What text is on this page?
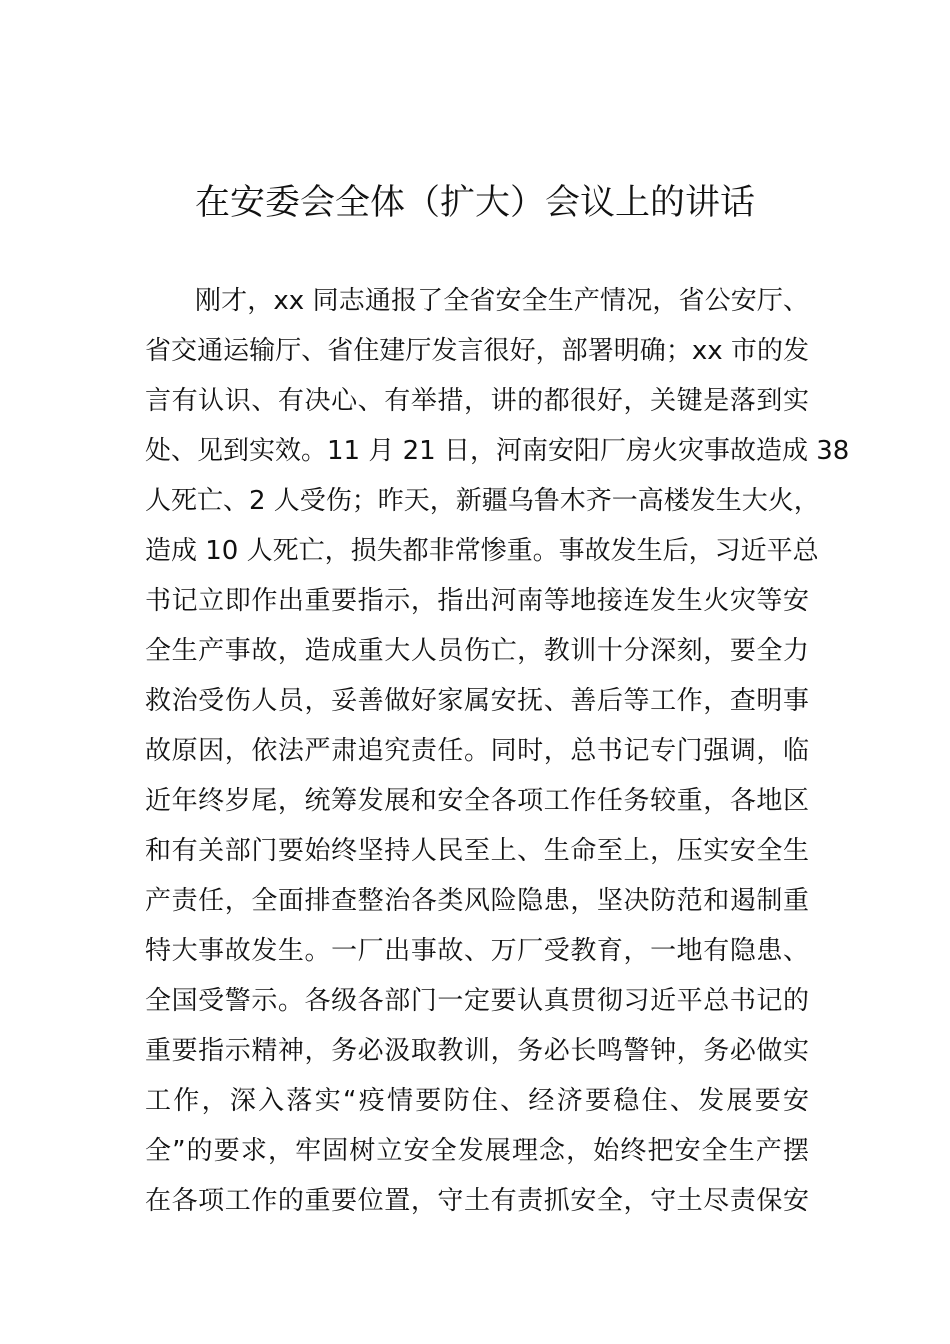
在安委会全体（扩大）会议上的讲话
刚才，xx 同志通报了全省安全生产情况，省公安厅、
省交通运输厅、省住建厅发言很好，部署明确；xx 市的发
言有认识、有决心、有举措，讲的都很好，关键是落到实
处、见到实效。11 月 21 日，河南安阳厂房火灾事故造成 38
人死亡、2 人受伤；昨天，新疆乌鲁木齐一高楼发生大火，
造成 10 人死亡，损失都非常惨重。事故发生后，习近平总
书记立即作出重要指示，指出河南等地接连发生火灾等安
全生产事故，造成重大人员伤亡，教训十分深刻，要全力
救治受伤人员，妥善做好家属安抚、善后等工作，查明事
故原因，依法严肃追究责任。同时，总书记专门强调，临
近年终岁尾，统筹发展和安全各项工作任务较重，各地区
和有关部门要始终坚持人民至上、生命至上，压实安全生
产责任，全面排查整治各类风险隐患，坚决防范和遏制重
特大事故发生。一厂出事故、万厂受教育，一地有隐患、
全国受警示。各级各部门一定要认真贯彻习近平总书记的
重要指示精神，务必汲取教训，务必长鸣警钟，务必做实
工作，深入落实“疫情要防住、经济要稳住、发展要安
全”的要求，牢固树立安全发展理念，始终把安全生产摆
在各项工作的重要位置，守土有责抓安全，守土尽责保安
